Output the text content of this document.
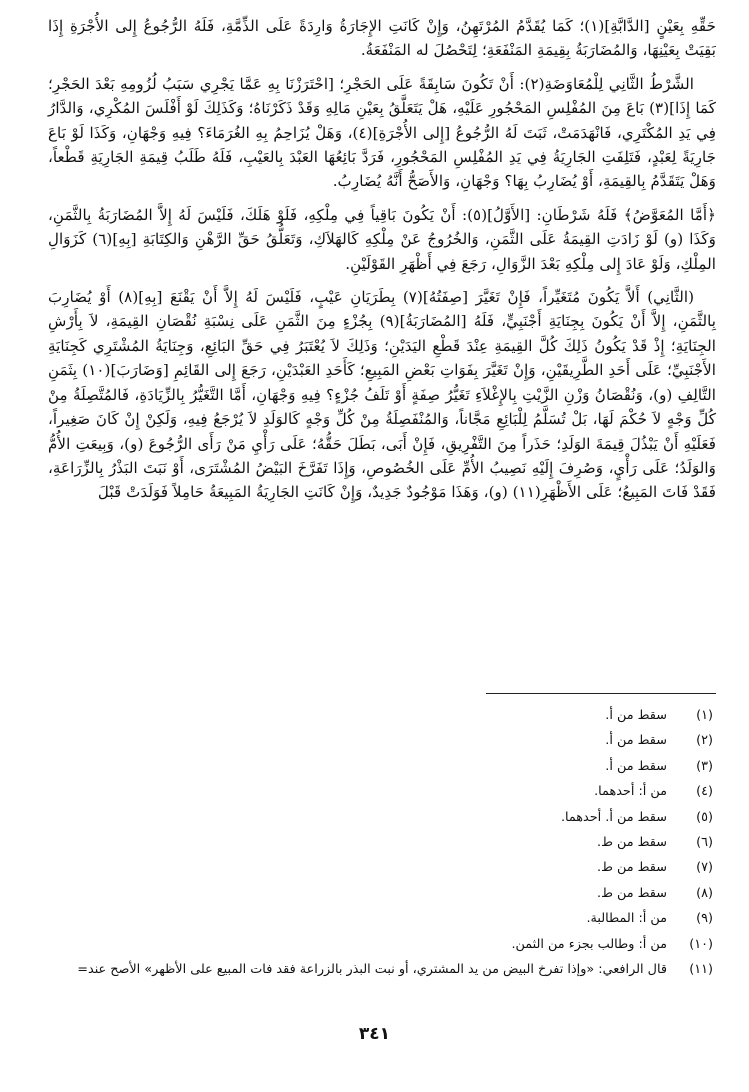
حَقِّهِ بِعَيْنٍ [الدَّابَّةِ](١)؛ كَمَا يُقَدَّمُ المُرْتَهِنُ، وَإِنْ كَانَتِ الإِجَارَةُ وَارِدَةً عَلَى الذِّمَّةِ، فَلَهُ الرُّجُوعُ إِلى الأُجْرَةِ إِذَا بَقِيَتْ بِعَيْنِهَا، وَالمُضَارَبَةُ بِقِيمَةِ المَنْفَعَةِ؛ لِتَحْصُلَ له المَنْفَعَةُ.

الشَّرْطُ الثَّانِي لِلْمُعَاوَضَةِ(٢): أَنْ تَكُونَ سَابِقَةً عَلَى الحَجْرِ؛ [احْتَرَزْنَا بِهِ عَمَّا يَجْرِي سَبَبُ لُزُومِهِ بَعْدَ الحَجْرِ؛ كَمَا إِذَا](٣) بَاعَ مِنَ المُفْلِسِ المَحْجُورِ عَلَيْهِ، هَلْ يَتَعَلَّقُ بِعَيْنِ مَالِهِ وَقَدْ ذَكَرْنَاهُ؛ وَكَذَلِكَ لَوْ أَفْلَسَ المُكْرِي، وَالدَّارُ فِي يَدِ المُكْتَرِي، فَانْهَدَمَتْ، ثَبَتَ لَهُ الرُّجُوعُ [إِلى الأُجْرَةِ](٤)، وَهَلْ يُزَاحِمُ بِهِ الغُرَمَاءَ؟ فِيهِ وَجْهَانِ، وَكَذَا لَوْ بَاعَ جَارِيَةً لِعَبْدٍ، فَتَلِفَتِ الجَارِيَةُ فِي يَدِ المُفْلِسِ المَحْجُورِ، فَرَدَّ بَائِعُهَا العَبْدَ بِالعَيْبِ، فَلَهُ طَلَبُ قِيمَةِ الجَارِيَةِ قَطْعاً، وَهَلْ يَتَقَدَّمُ بِالقِيمَةِ، أَوْ يُضَارِبُ بِهَا؟ وَجْهَانِ، وَالأَصَحُّ أَنَّهُ يُضَارِبُ.

﴿أَمَّا المُعَوَّضُ﴾ فَلَهُ شَرْطَانِ: [الأَوَّلُ](٥): أَنْ يَكُونَ بَاقِياً فِي مِلْكِهِ، فَلَوْ هَلَكَ، فَلَيْسَ لَهُ إِلاَّ المُضَارَبَةُ بِالثَّمَنِ، وَكَذَا (و) لَوْ زَادَتِ القِيمَةُ عَلَى الثَّمَنِ، وَالخُرُوجُ عَنْ مِلْكِهِ كَالهَلاَكِ، وَتَعَلُّقُ حَقِّ الرَّهْنِ وَالكِتَابَةِ [بِهِ](٦) كَزَوَالِ المِلْكِ، وَلَوْ عَادَ إِلى مِلْكِهِ بَعْدَ الزَّوَالِ، رَجَعَ فِي أَظْهَرِ القَوْلَيْنِ.

(الثَّانِي) أَلاَّ يَكُونَ مُتَغَيِّراً، فَإِنْ تَغَيَّرَ [صِفَتُهُ](٧) بِطَرَيَانِ عَيْبٍ، فَلَيْسَ لَهُ إِلاَّ أَنْ يَقْنَعَ [بِهِ](٨) أَوْ يُضَارِبَ بِالثَّمَنِ، إِلاَّ أَنْ يَكُونَ بِجِنَايَةِ أَجْنَبِيٍّ، فَلَهُ [المُضَارَبَةُ](٩) بِجُزْءٍ مِنَ الثَّمَنِ عَلَى نِسْبَةِ نُقْصَانِ القِيمَةِ، لاَ بِأَرْشِ الجِنَايَةِ؛ إِذْ قَدْ يَكُونُ ذَلِكَ كُلَّ القِيمَةِ عِنْدَ قَطْعِ اليَدَيْنِ؛ وَذَلِكَ لاَ يُعْتَبَرُ فِي حَقِّ البَائِعِ، وَجِنَايَةُ المُشْتَرِي كَجِنَايَةِ الأَجْنَبِيِّ؛ عَلَى أَحَدِ الطَّرِيقَيْنِ، وَإِنْ تَغَيَّرَ بِفَوَاتِ بَعْضِ المَبِيعِ؛ كَأَحَدِ العَبْدَيْنِ، رَجَعَ إِلى القَائِمِ [وَضَارَبَ](١٠) بِثَمَنِ التَّالِفِ (و)، وَنُقْصَانُ وَزْنِ الزَّيْتِ بِالإِغْلاَءِ تَغَيُّرُ صِفَةٍ أَوْ تَلَفُ جُزْءٍ؟ فِيهِ وَجْهَانِ، أَمَّا التَّغَيُّرُ بِالزِّيَادَةِ، فَالمُتَّصِلَةُ مِنْ كُلِّ وَجْهٍ لاَ حُكْمَ لَهَا، بَلْ تُسَلَّمُ لِلْبَائِعِ مَجَّاناً، وَالمُنْفَصِلَةُ مِنْ كُلِّ وَجْهٍ كَالوَلَدِ لاَ يُرْجَعُ فِيهِ، وَلَكِنْ إِنْ كَانَ صَغِيراً، فَعَلَيْهِ أَنْ يَبْذُلَ قِيمَةَ الوَلَدِ؛ حَذَراً مِنَ التَّفْرِيقِ، فَإِنْ أَبَى، بَطَلَ حَقُّهُ؛ عَلَى رَأْيِ مَنْ رَأَى الرُّجُوعَ (و)، وَبِيعَتِ الأُمُّ وَالوَلَدُ؛ عَلَى رَأْيٍ، وَصُرِفَ إِلَيْهِ نَصِيبُ الأُمِّ عَلَى الخُصُوصِ، وَإِذَا تَفَرَّخَ البَيْضُ المُشْتَرَى، أَوْ نَبَتَ البَذْرُ بِالزِّرَاعَةِ، فَقَدْ فَاتَ المَبِيعُ؛ عَلَى الأَظْهَرِ(١١) (و)، وَهَذَا مَوْجُودٌ جَدِيدٌ، وَإِنْ كَانَتِ الجَارِيَةُ المَبِيعَةُ حَامِلاً فَوَلَدَتْ قَبْلَ

(١)سقط من أ.
(٢)سقط من أ.
(٣)سقط من أ.
(٤)من أ: أحدهما.
(٥)سقط من أ. أحدهما.
(٦)سقط من ط.
(٧)سقط من ط.
(٨)سقط من ط.
(٩)من أ: المطالبة.
(١٠)من أ: وطالب بجزء من الثمن.
(١١)قال الرافعي: «وإذا تفرخ البيض من يد المشتري، أو نبت البذر بالزراعة فقد فات المبيع على الأظهر» الأصح عند=
٣٤١
